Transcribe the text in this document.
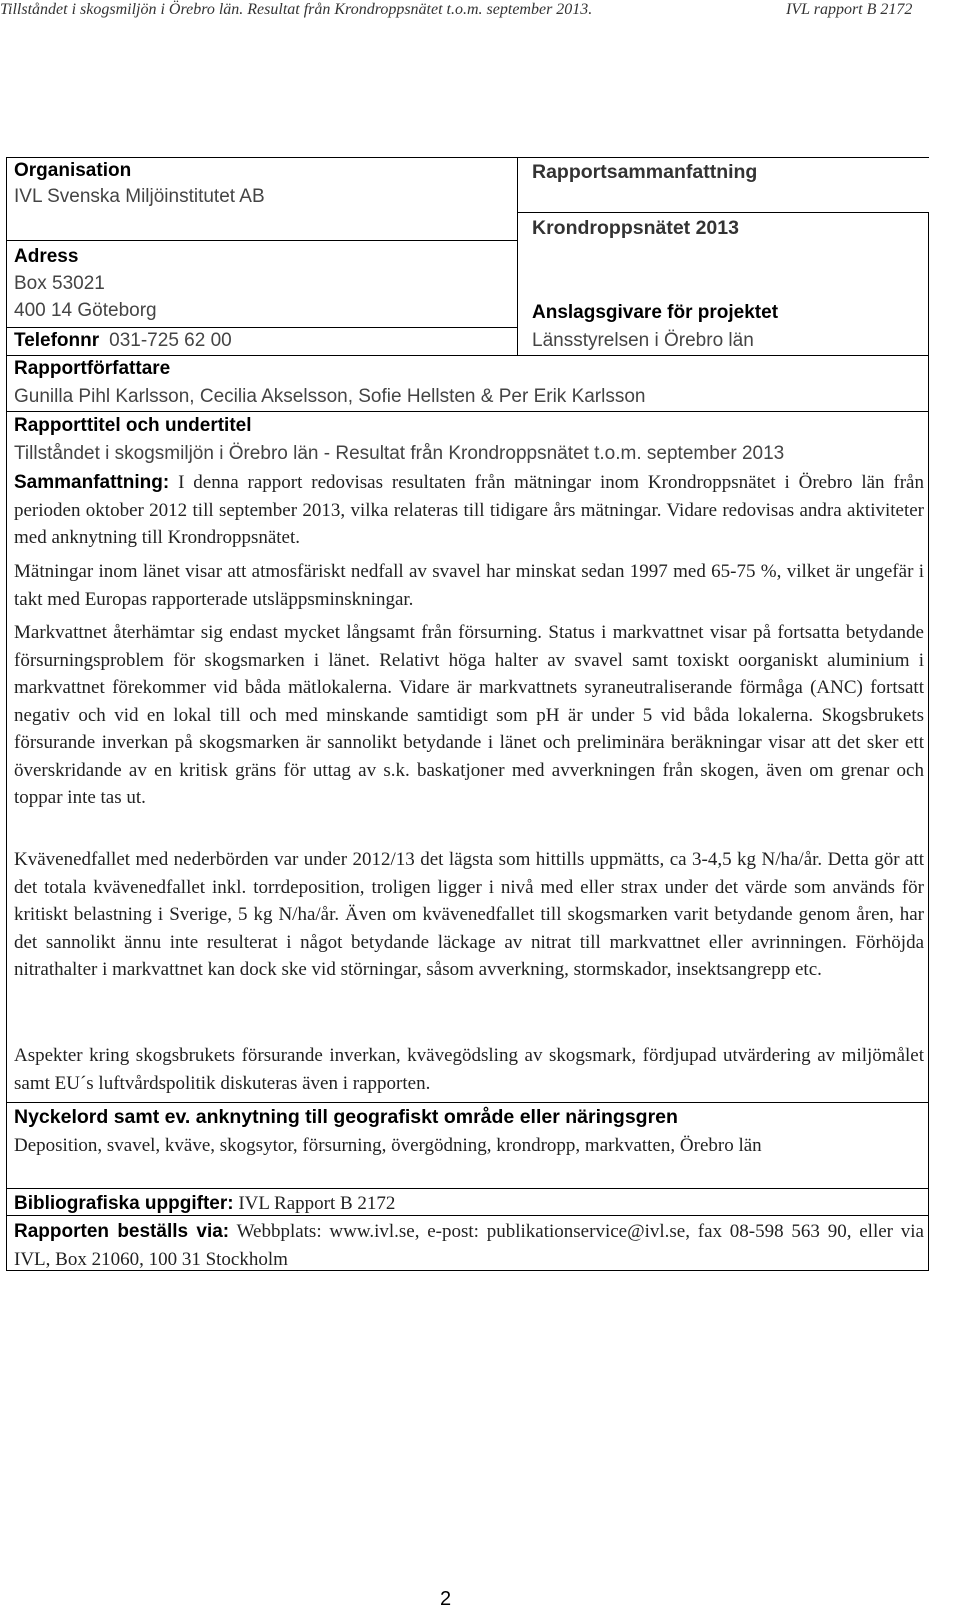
Tillståndet i skogsmiljön i Örebro län. Resultat från Krondroppsnätet t.o.m. september 2013.	IVL rapport B 2172
Organisation
IVL Svenska Miljöinstitutet AB
Adress
Box 53021
400 14 Göteborg
Telefonnr 031-725 62 00
Rapportsammanfattning
Krondroppsnätet 2013
Anslagsgivare för projektet
Länsstyrelsen i Örebro län
Rapportförfattare
Gunilla Pihl Karlsson, Cecilia Akselsson, Sofie Hellsten & Per Erik Karlsson
Rapporttitel och undertitel
Tillståndet i skogsmiljön i Örebro län - Resultat från Krondroppsnätet t.o.m. september 2013
Sammanfattning: I denna rapport redovisas resultaten från mätningar inom Krondroppsnätet i Örebro län från perioden oktober 2012 till september 2013, vilka relateras till tidigare års mätningar. Vidare redovisas andra aktiviteter med anknytning till Krondroppsnätet.
Mätningar inom länet visar att atmosfäriskt nedfall av svavel har minskat sedan 1997 med 65-75 %, vilket är ungefär i takt med Europas rapporterade utsläppsminskningar.
Markvattnet återhämtar sig endast mycket långsamt från försurning. Status i markvattnet visar på fortsatta betydande försurningsproblem för skogsmarken i länet. Relativt höga halter av svavel samt toxiskt oorganiskt aluminium i markvattnet förekommer vid båda mätlokalerna. Vidare är markvattnets syraneutraliserande förmåga (ANC) fortsatt negativ och vid en lokal till och med minskande samtidigt som pH är under 5 vid båda lokalerna. Skogsbrukets försurande inverkan på skogsmarken är sannolikt betydande i länet och preliminära beräkningar visar att det sker ett överskridande av en kritisk gräns för uttag av s.k. baskatjoner med avverkningen från skogen, även om grenar och toppar inte tas ut.
Kvävenedfallet med nederbörden var under 2012/13 det lägsta som hittills uppmätts, ca 3-4,5 kg N/ha/år. Detta gör att det totala kvävenedfallet inkl. torrdeposition, troligen ligger i nivå med eller strax under det värde som används för kritiskt belastning i Sverige, 5 kg N/ha/år. Även om kvävenedfallet till skogsmarken varit betydande genom åren, har det sannolikt ännu inte resulterat i något betydande läckage av nitrat till markvattnet eller avrinningen. Förhöjda nitrathalter i markvattnet kan dock ske vid störningar, såsom avverkning, stormskador, insektsangrepp etc.
Aspekter kring skogsbrukets försurande inverkan, kvävegödsling av skogsmark, fördjupad utvärdering av miljömålet samt EU´s luftvårdspolitik diskuteras även i rapporten.
Nyckelord samt ev. anknytning till geografiskt område eller näringsgren
Deposition, svavel, kväve, skogsytor, försurning, övergödning, krondropp, markvatten, Örebro län
Bibliografiska uppgifter: IVL Rapport B 2172
Rapporten beställs via: Webbplats: www.ivl.se, e-post: publikationservice@ivl.se, fax 08-598 563 90, eller via IVL, Box 21060, 100 31 Stockholm
2
